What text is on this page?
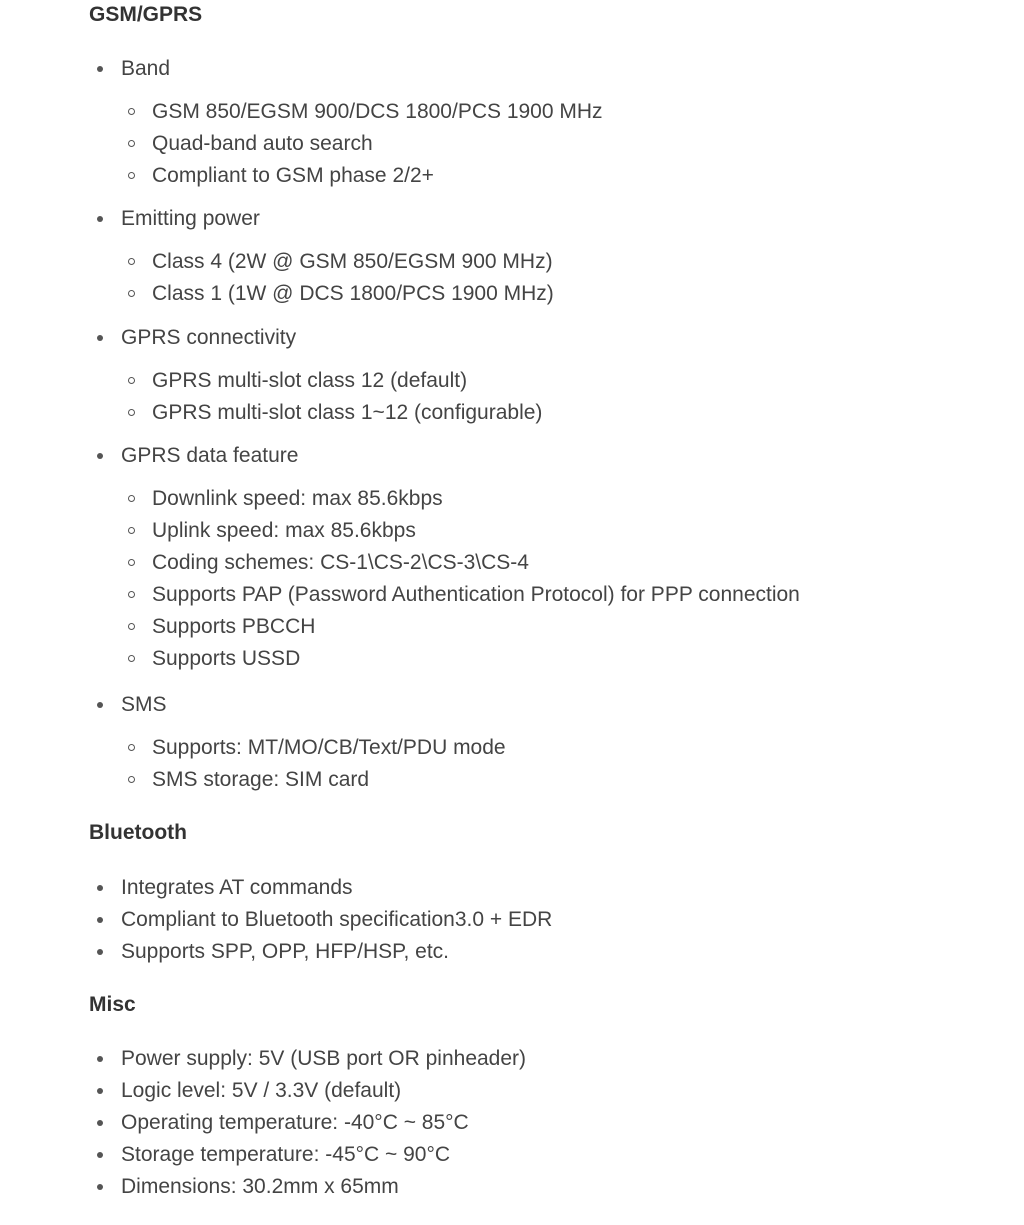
GSM/GPRS
Band
GSM 850/EGSM 900/DCS 1800/PCS 1900 MHz
Quad-band auto search
Compliant to GSM phase 2/2+
Emitting power
Class 4 (2W @ GSM 850/EGSM 900 MHz)
Class 1 (1W @ DCS 1800/PCS 1900 MHz)
GPRS connectivity
GPRS multi-slot class 12 (default)
GPRS multi-slot class 1~12 (configurable)
GPRS data feature
Downlink speed: max 85.6kbps
Uplink speed: max 85.6kbps
Coding schemes: CS-1\CS-2\CS-3\CS-4
Supports PAP (Password Authentication Protocol) for PPP connection
Supports PBCCH
Supports USSD
SMS
Supports: MT/MO/CB/Text/PDU mode
SMS storage: SIM card
Bluetooth
Integrates AT commands
Compliant to Bluetooth specification3.0 + EDR
Supports SPP, OPP, HFP/HSP, etc.
Misc
Power supply: 5V (USB port OR pinheader)
Logic level: 5V / 3.3V (default)
Operating temperature: -40°C ~ 85°C
Storage temperature: -45°C ~ 90°C
Dimensions: 30.2mm x 65mm
